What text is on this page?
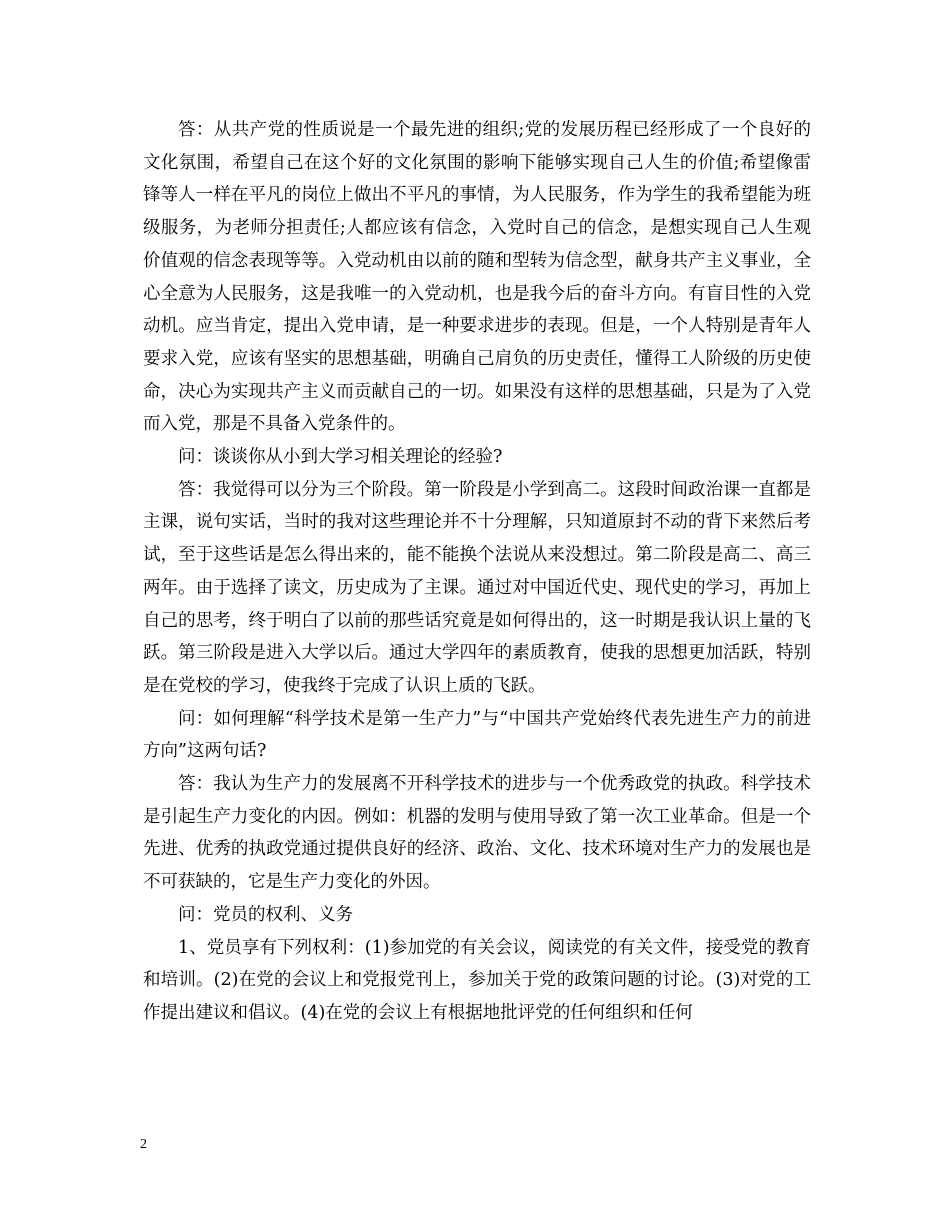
答：从共产党的性质说是一个最先进的组织;党的发展历程已经形成了一个良好的文化氛围，希望自己在这个好的文化氛围的影响下能够实现自己人生的价值;希望像雷锋等人一样在平凡的岗位上做出不平凡的事情，为人民服务，作为学生的我希望能为班级服务，为老师分担责任;人都应该有信念，入党时自己的信念，是想实现自己人生观价值观的信念表现等等。入党动机由以前的随和型转为信念型，献身共产主义事业，全心全意为人民服务，这是我唯一的入党动机，也是我今后的奋斗方向。有盲目性的入党动机。应当肯定，提出入党申请，是一种要求进步的表现。但是，一个人特别是青年人要求入党，应该有坚实的思想基础，明确自己肩负的历史责任，懂得工人阶级的历史使命，决心为实现共产主义而贡献自己的一切。如果没有这样的思想基础，只是为了入党而入党，那是不具备入党条件的。

问：谈谈你从小到大学习相关理论的经验?

答：我觉得可以分为三个阶段。第一阶段是小学到高二。这段时间政治课一直都是主课，说句实话，当时的我对这些理论并不十分理解，只知道原封不动的背下来然后考试，至于这些话是怎么得出来的，能不能换个法说从来没想过。第二阶段是高二、高三两年。由于选择了读文，历史成为了主课。通过对中国近代史、现代史的学习，再加上自己的思考，终于明白了以前的那些话究竟是如何得出的，这一时期是我认识上量的飞跃。第三阶段是进入大学以后。通过大学四年的素质教育，使我的思想更加活跃，特别是在党校的学习，使我终于完成了认识上质的飞跃。

问：如何理解“科学技术是第一生产力”与“中国共产党始终代表先进生产力的前进方向”这两句话?

答：我认为生产力的发展离不开科学技术的进步与一个优秀政党的执政。科学技术是引起生产力变化的内因。例如：机器的发明与使用导致了第一次工业革命。但是一个先进、优秀的执政党通过提供良好的经济、政治、文化、技术环境对生产力的发展也是不可获缺的，它是生产力变化的外因。

问：党员的权利、义务

1、党员享有下列权利：(1)参加党的有关会议，阅读党的有关文件，接受党的教育和培训。(2)在党的会议上和党报党刊上，参加关于党的政策问题的讨论。(3)对党的工作提出建议和倡议。(4)在党的会议上有根据地批评党的任何组织和任何

2
